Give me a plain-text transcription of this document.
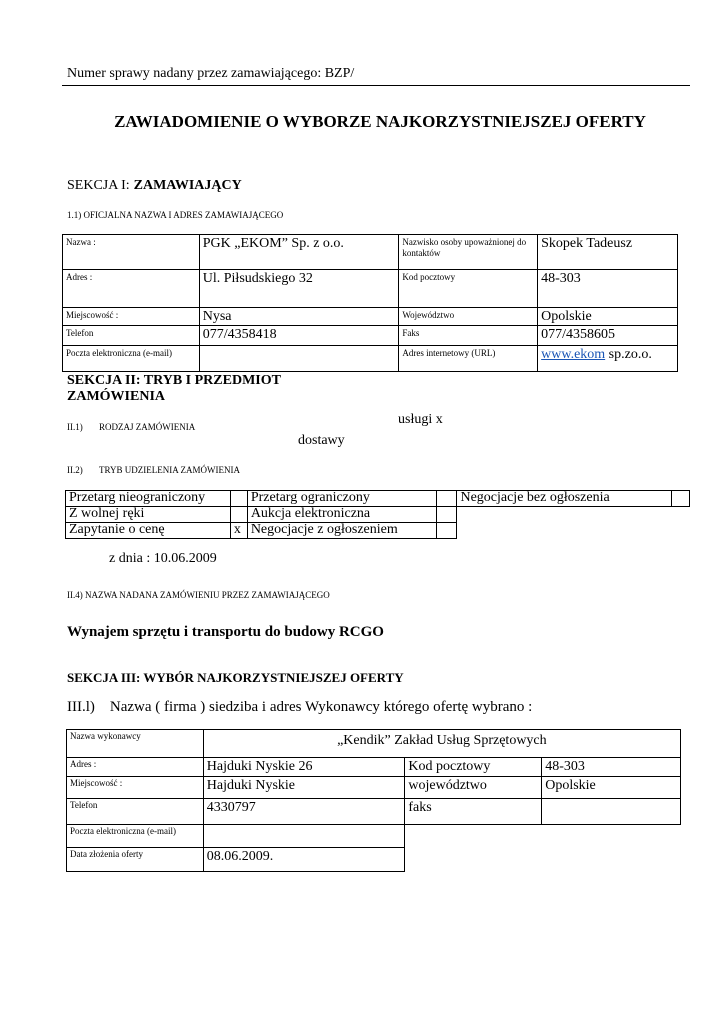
Numer sprawy nadany przez zamawiającego: BZP/
ZAWIADOMIENIE O WYBORZE NAJKORZYSTNIEJSZEJ OFERTY
SEKCJA I: ZAMAWIAJĄCY
1.1) OFICJALNA NAZWA I ADRES ZAMAWIAJĄCEGO
Nazwa :	PGK „EKOM” Sp. z o.o.	Nazwisko osoby upoważnionej do kontaktów	Skopek Tadeusz
Adres :	Ul. Piłsudskiego 32	Kod pocztowy	48-303
Miejscowość :	Nysa	Województwo	Opolskie
Telefon	077/4358418	Faks	077/4358605
Poczta elektroniczna (e-mail)		Adres internetowy (URL)	www.ekom sp.zo.o.
SEKCJA II: TRYB I PRZEDMIOT
ZAMÓWIENIA
II.1) RODZAJ ZAMÓWIENIA	usługi x
dostawy
II.2) TRYB UDZIELENIA ZAMÓWIENIA
Przetarg nieograniczony		Przetarg ograniczony		Negocjacje bez ogłoszenia	
Z wolnej ręki		Aukcja elektroniczna			
Zapytanie o cenę	x	Negocjacje z ogłoszeniem			
z dnia : 10.06.2009
II.4) NAZWA NADANA ZAMÓWIENIU PRZEZ ZAMAWIAJĄCEGO
Wynajem sprzętu i transportu do budowy RCGO
SEKCJA III: WYBÓR NAJKORZYSTNIEJSZEJ OFERTY
III.l)    Nazwa ( firma ) siedziba i adres Wykonawcy którego ofertę wybrano :
Nazwa wykonawcy	„Kendik” Zakład Usług Sprzętowych		
Adres :	Hajduki Nyskie 26	Kod pocztowy	48-303
Miejscowość :	Hajduki Nyskie	województwo	Opolskie
Telefon	4330797	faks	
Poczta elektroniczna (e-mail)			
Data złożenia oferty	08.06.2009.		
